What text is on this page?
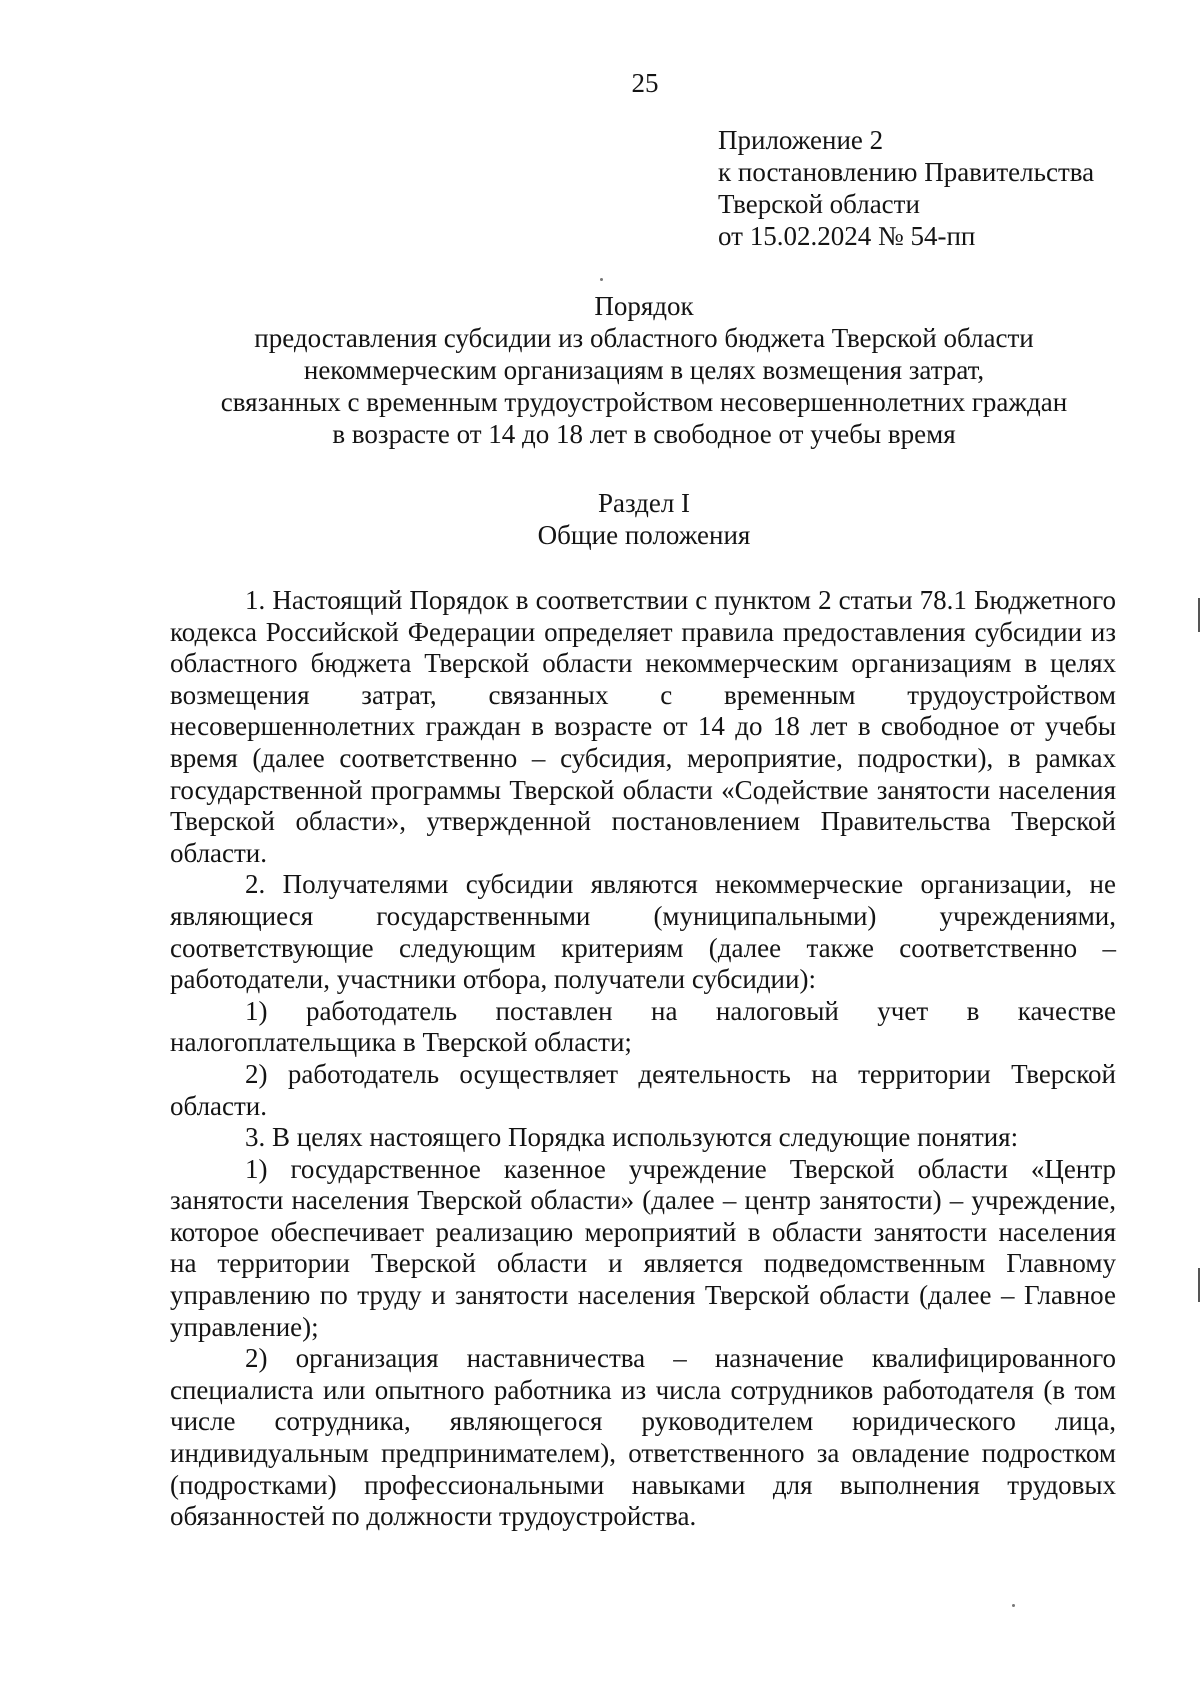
25
Приложение 2
к постановлению Правительства
Тверской области
от 15.02.2024 № 54-пп
Порядок
предоставления субсидии из областного бюджета Тверской области
некоммерческим организациям в целях возмещения затрат,
связанных с временным трудоустройством несовершеннолетних граждан
в возрасте от 14 до 18 лет в свободное от учебы время
Раздел I
Общие положения

1. Настоящий Порядок в соответствии с пунктом 2 статьи 78.1 Бюджетного кодекса Российской Федерации определяет правила предоставления субсидии из областного бюджета Тверской области некоммерческим организациям в целях возмещения затрат, связанных с временным трудоустройством несовершеннолетних граждан в возрасте от 14 до 18 лет в свободное от учебы время (далее соответственно – субсидия, мероприятие, подростки), в рамках государственной программы Тверской области «Содействие занятости населения Тверской области», утвержденной постановлением Правительства Тверской области.

2. Получателями субсидии являются некоммерческие организации, не являющиеся государственными (муниципальными) учреждениями, соответствующие следующим критериям (далее также соответственно – работодатели, участники отбора, получатели субсидии):

1) работодатель поставлен на налоговый учет в качестве налогоплательщика в Тверской области;

2) работодатель осуществляет деятельность на территории Тверской области.

3. В целях настоящего Порядка используются следующие понятия:

1) государственное казенное учреждение Тверской области «Центр занятости населения Тверской области» (далее – центр занятости) – учреждение, которое обеспечивает реализацию мероприятий в области занятости населения на территории Тверской области и является подведомственным Главному управлению по труду и занятости населения Тверской области (далее – Главное управление);

2) организация наставничества – назначение квалифицированного специалиста или опытного работника из числа сотрудников работодателя (в том числе сотрудника, являющегося руководителем юридического лица, индивидуальным предпринимателем), ответственного за овладение подростком (подростками) профессиональными навыками для выполнения трудовых обязанностей по должности трудоустройства.
